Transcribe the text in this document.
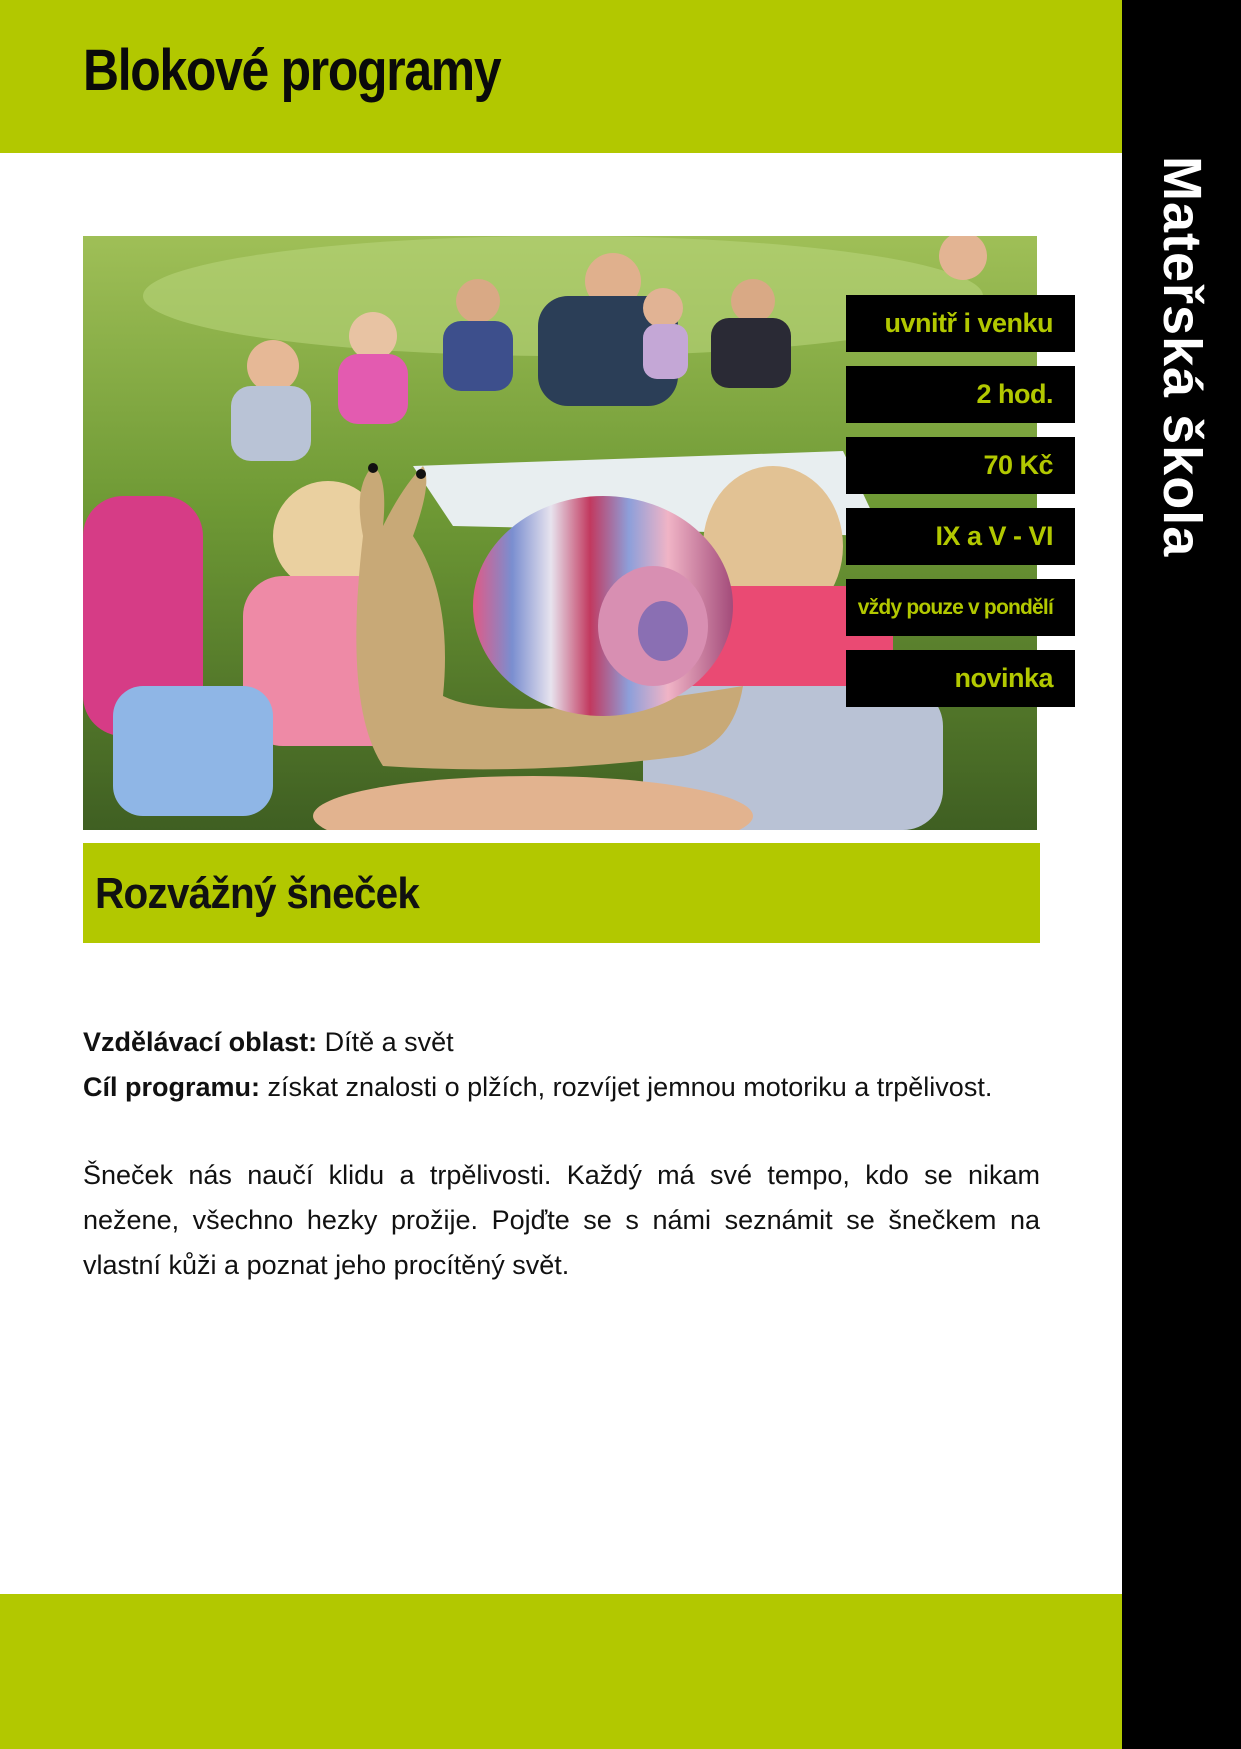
Blokové programy
Mateřská škola
uvnitř i venku
2 hod.
70 Kč
IX a V - VI
vždy pouze v pondělí
novinka
Rozvážný šneček

Vzdělávací oblast: Dítě a svět

Cíl programu: získat znalosti o plžích, rozvíjet jemnou motoriku a trpělivost.

Šneček nás naučí klidu a trpělivosti. Každý má své tempo, kdo se nikam nežene, všechno hezky prožije. Pojďte se s námi seznámit se šnečkem na vlastní kůži a poznat jeho procítěný svět.
